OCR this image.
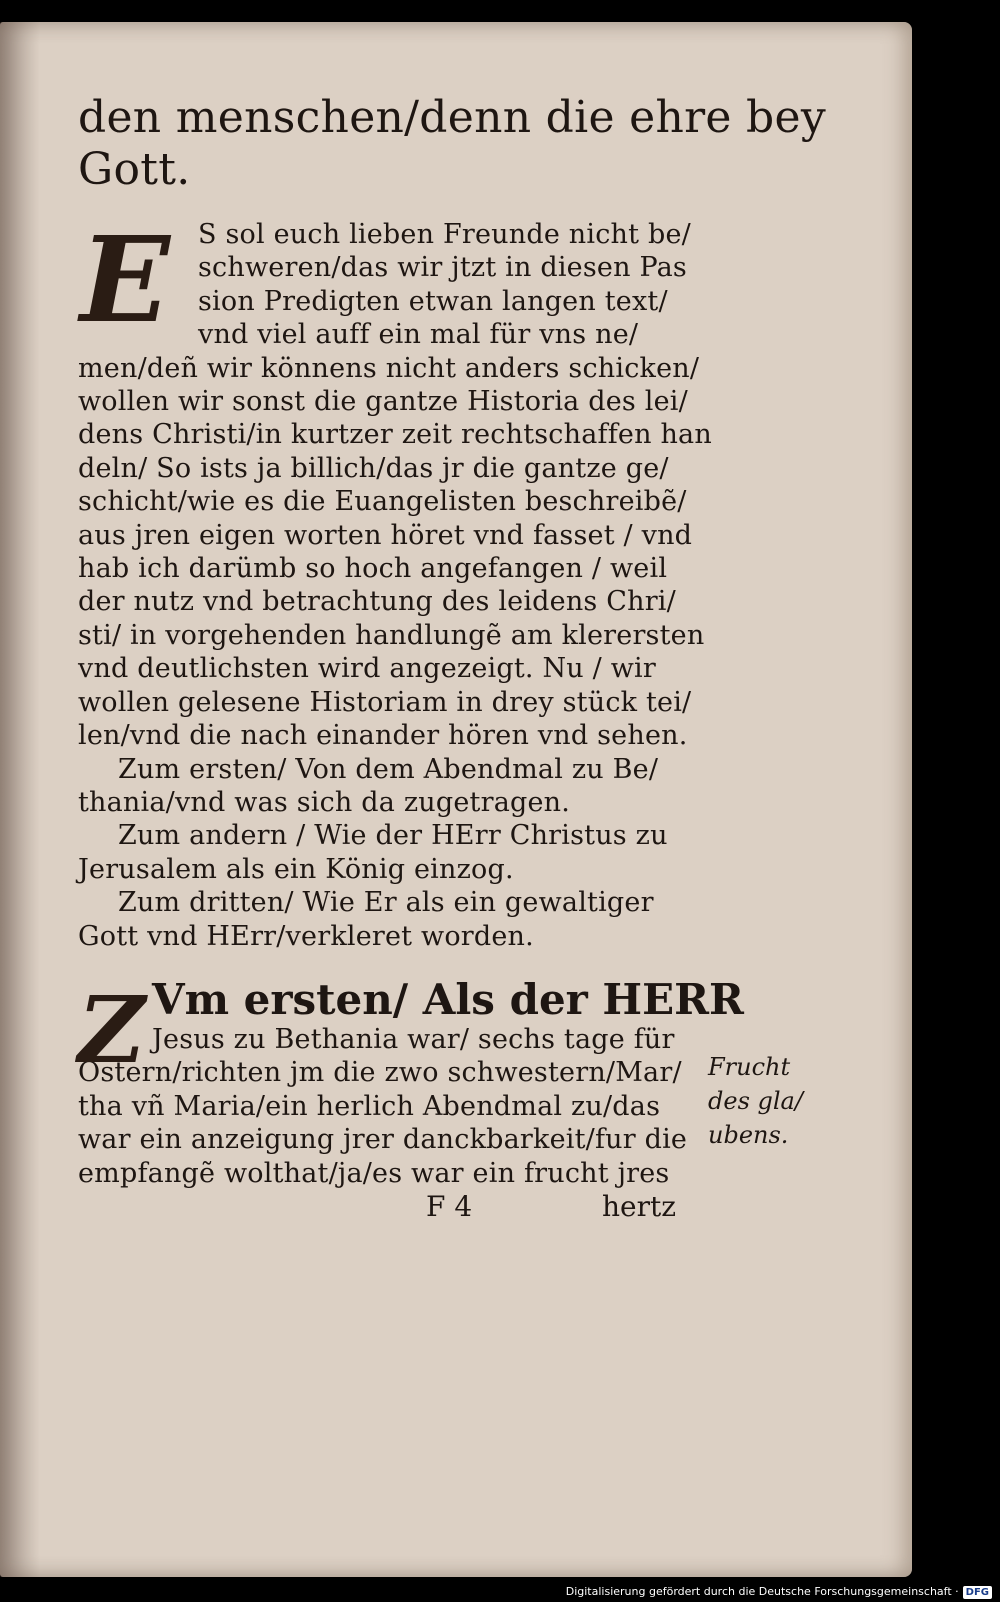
den menschen/denn die ehre bey
Gott.
S sol euch lieben Freunde nicht be/
schweren/das wir jtzt in diesen Pas
sion Predigten etwan langen text/
vnd viel auff ein mal für vns ne/
men/deñ wir könnens nicht anders schicken/
wollen wir sonst die gantze Historia des lei/
dens Christi/in kurtzer zeit rechtschaffen han
deln/ So ists ja billich/das jr die gantze ge/
schicht/wie es die Euangelisten beschreibẽ/
aus jren eigen worten höret vnd fasset / vnd
hab ich darümb so hoch angefangen / weil
der nutz vnd betrachtung des leidens Chri/
sti/ in vorgehenden handlungẽ am klerersten
vnd deutlichsten wird angezeigt. Nu / wir
wollen gelesene Historiam in drey stück tei/
len/vnd die nach einander hören vnd sehen.
Zum ersten/ Von dem Abendmal zu Be/
thania/vnd was sich da zugetragen.
Zum andern / Wie der HErr Christus zu
Jerusalem als ein König einzog.
Zum dritten/ Wie Er als ein gewaltiger
Gott vnd HErr/verkleret worden.
Vm ersten/ Als der HERR
Jesus zu Bethania war/ sechs tage für
Ostern/richten jm die zwo schwestern/Mar/
tha vñ Maria/ein herlich Abendmal zu/das
war ein anzeigung jrer danckbarkeit/fur die
empfangẽ wolthat/ja/es war ein frucht jres
F 4	hertz
E
Z	Frucht
des gla/
ubens.
Digitalisierung gefördert durch die Deutsche Forschungsgemeinschaft · DFG
